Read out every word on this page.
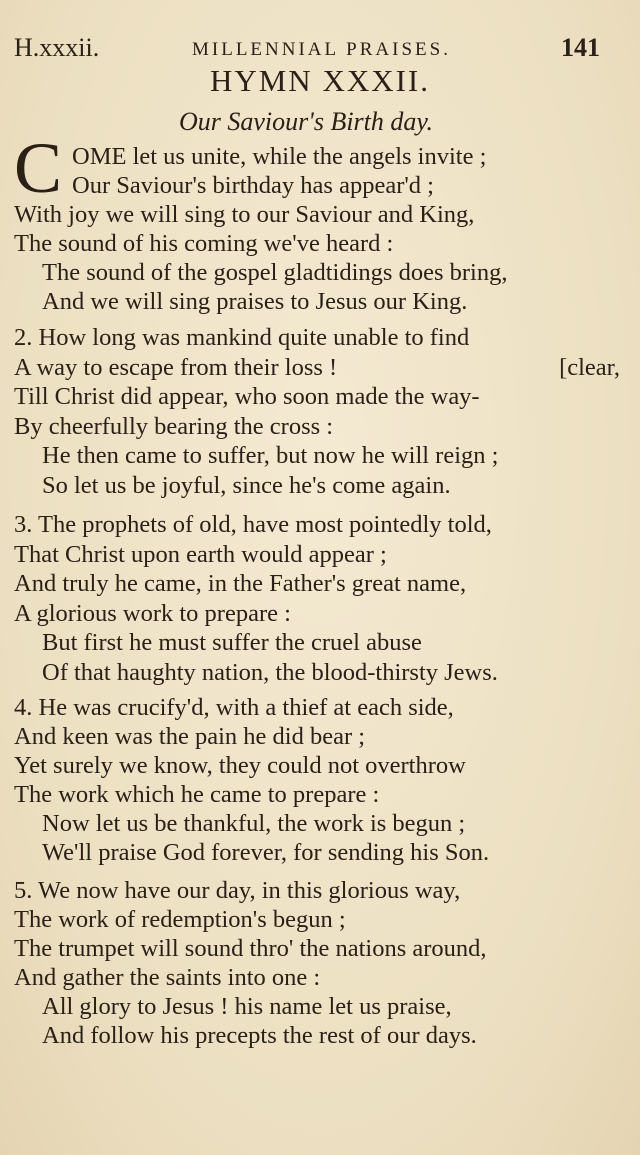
H.xxxii.	MILLENNIAL PRAISES.	141
HYMN XXXII.
Our Saviour's Birth day.
C OME let us unite, while the angels invite ;
Our Saviour's birthday has appear'd ;
With joy we will sing to our Saviour and King,
The sound of his coming we've heard :
The sound of the gospel gladtidings does bring,
And we will sing praises to Jesus our King.
2. How long was mankind quite unable to find
A way to escape from their loss !	[clear,
Till Christ did appear, who soon made the way-
By cheerfully bearing the cross :
He then came to suffer, but now he will reign ;
So let us be joyful, since he's come again.
3. The prophets of old, have most pointedly told,
That Christ upon earth would appear ;
And truly he came, in the Father's great name,
A glorious work to prepare :
But first he must suffer the cruel abuse
Of that haughty nation, the blood-thirsty Jews.
4. He was crucify'd, with a thief at each side,
And keen was the pain he did bear ;
Yet surely we know, they could not overthrow
The work which he came to prepare :
Now let us be thankful, the work is begun ;
We'll praise God forever, for sending his Son.
5. We now have our day, in this glorious way,
The work of redemption's begun ;
The trumpet will sound thro' the nations around,
And gather the saints into one :
All glory to Jesus ! his name let us praise,
And follow his precepts the rest of our days.
